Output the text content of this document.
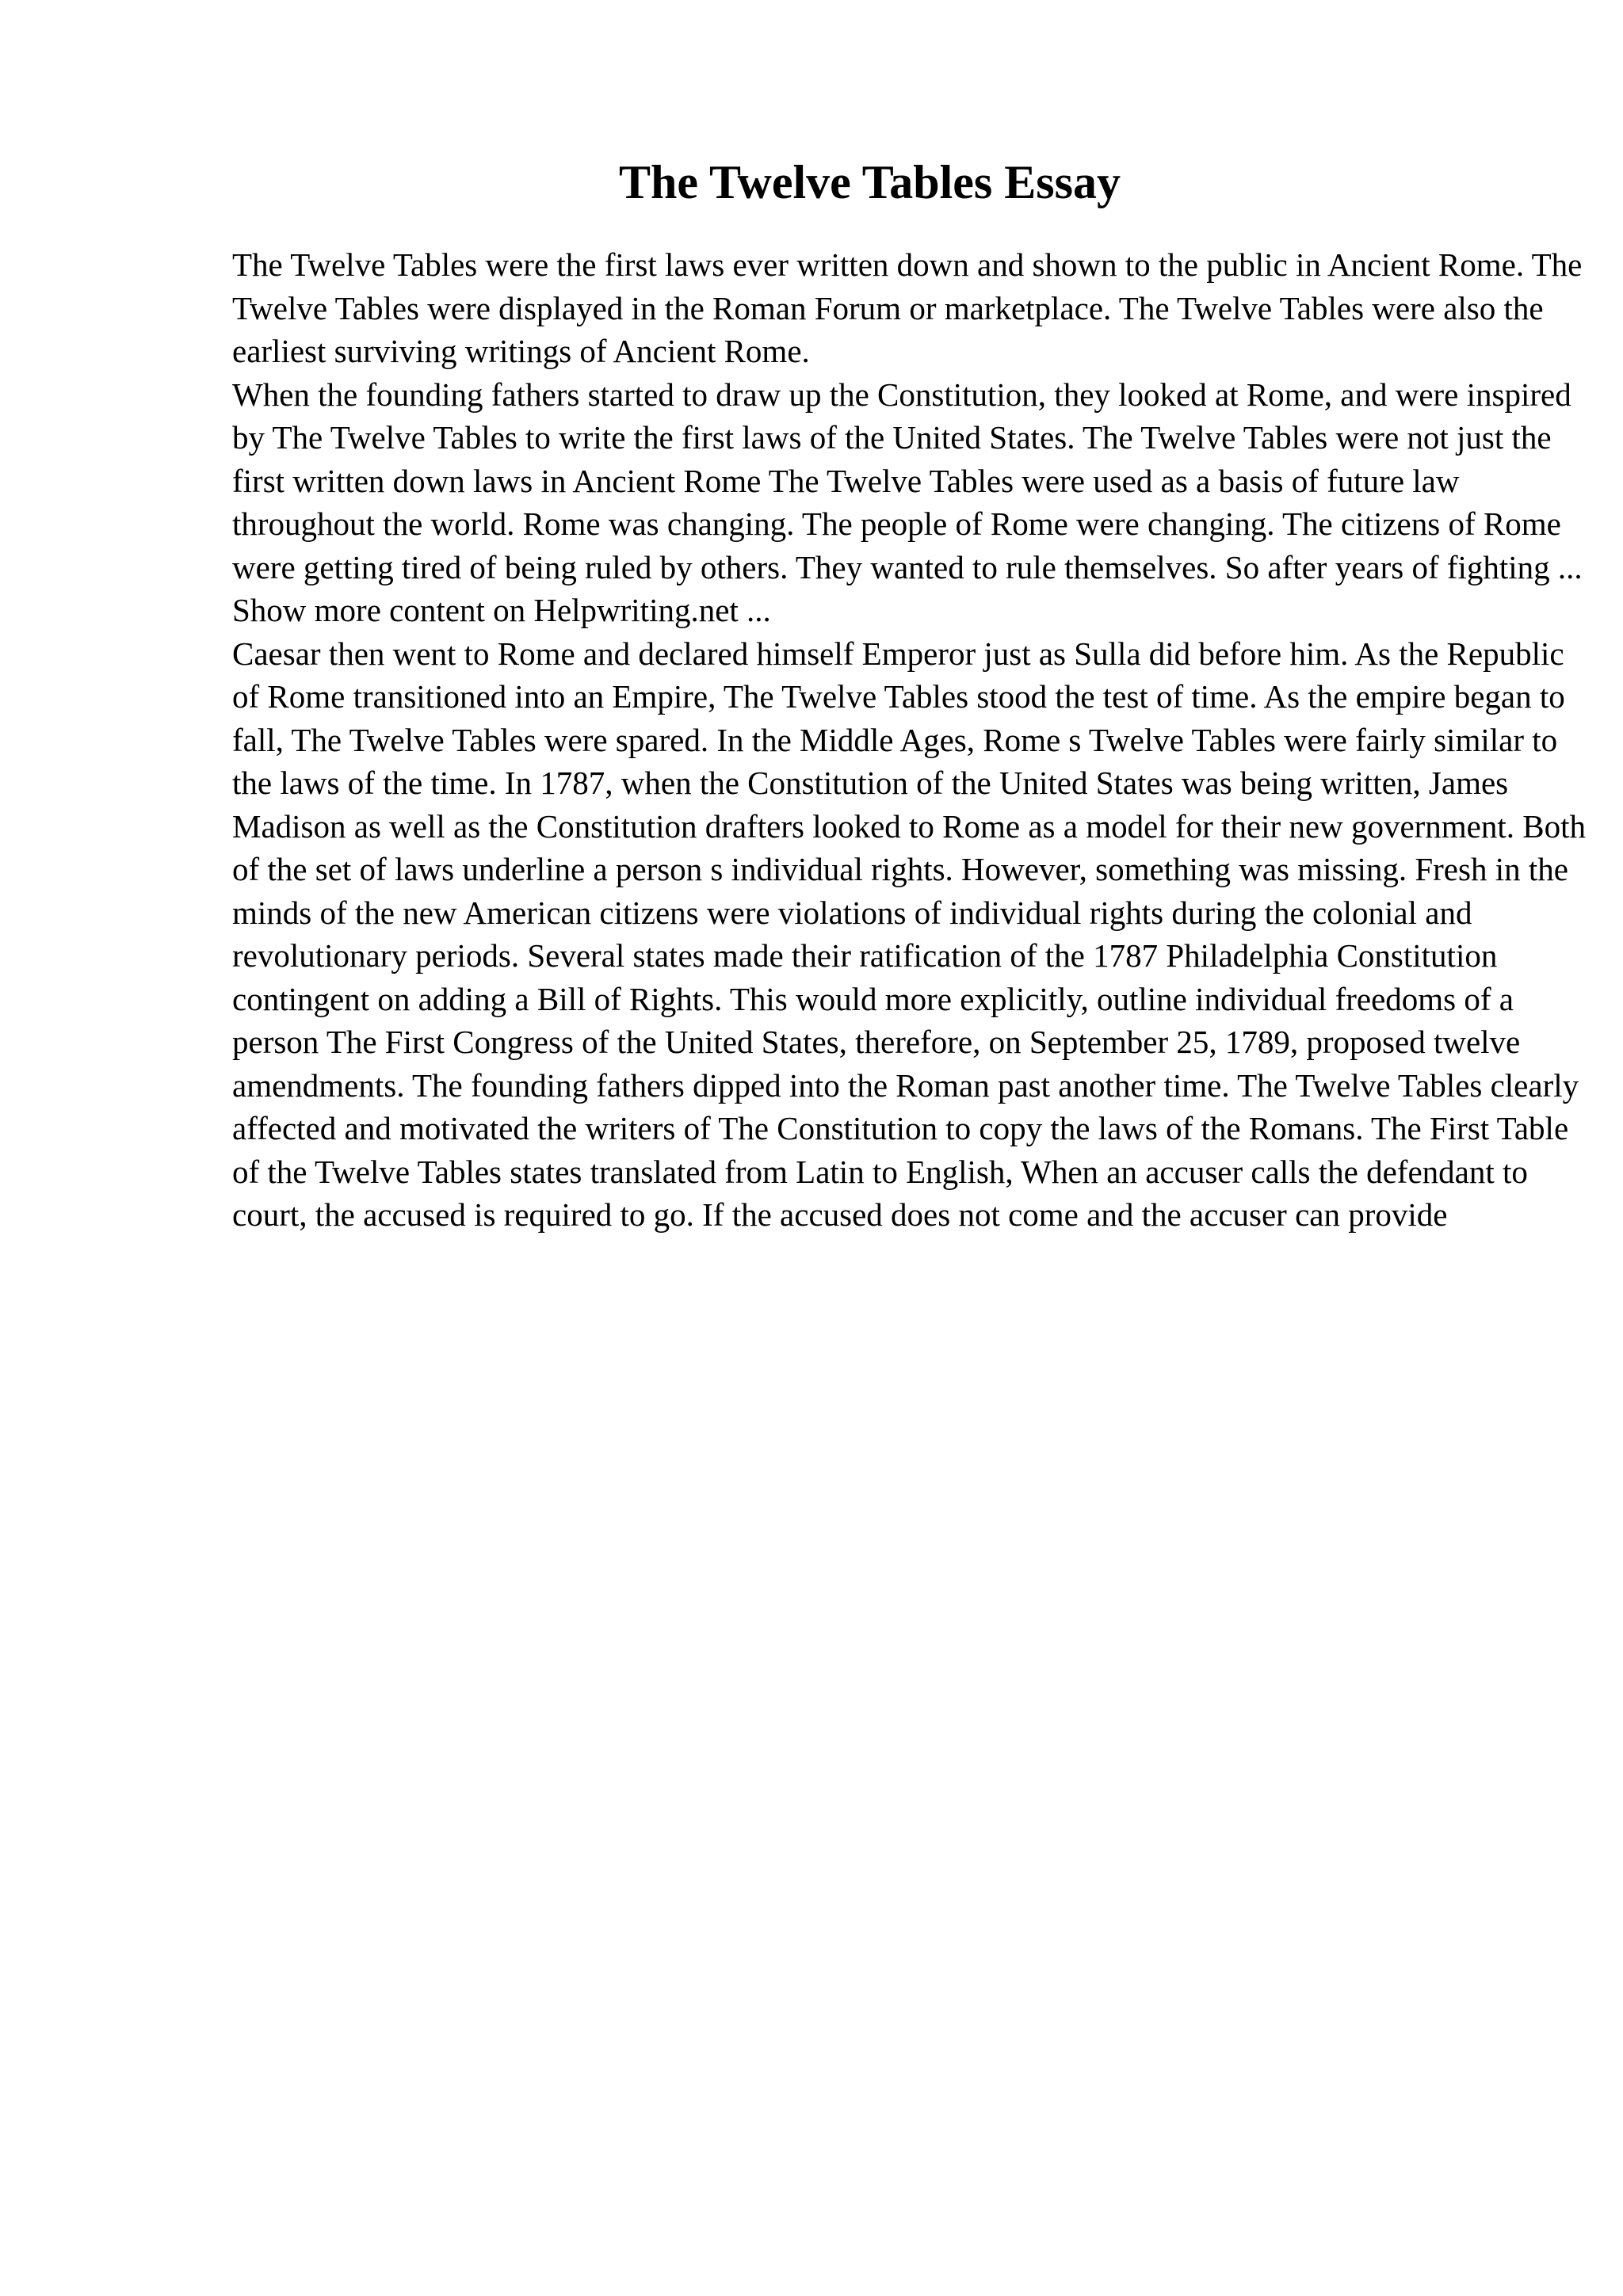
The Twelve Tables Essay

The Twelve Tables were the first laws ever written down and shown to the public in Ancient Rome. The Twelve Tables were displayed in the Roman Forum or marketplace. The Twelve Tables were also the earliest surviving writings of Ancient Rome.

When the founding fathers started to draw up the Constitution, they looked at Rome, and were inspired by The Twelve Tables to write the first laws of the United States. The Twelve Tables were not just the first written down laws in Ancient Rome The Twelve Tables were used as a basis of future law throughout the world. Rome was changing. The people of Rome were changing. The citizens of Rome were getting tired of being ruled by others. They wanted to rule themselves. So after years of fighting ... Show more content on Helpwriting.net ...

Caesar then went to Rome and declared himself Emperor just as Sulla did before him. As the Republic of Rome transitioned into an Empire, The Twelve Tables stood the test of time. As the empire began to fall, The Twelve Tables were spared. In the Middle Ages, Rome s Twelve Tables were fairly similar to the laws of the time. In 1787, when the Constitution of the United States was being written, James Madison as well as the Constitution drafters looked to Rome as a model for their new government. Both of the set of laws underline a person s individual rights. However, something was missing. Fresh in the minds of the new American citizens were violations of individual rights during the colonial and revolutionary periods. Several states made their ratification of the 1787 Philadelphia Constitution contingent on adding a Bill of Rights. This would more explicitly, outline individual freedoms of a person The First Congress of the United States, therefore, on September 25, 1789, proposed twelve amendments. The founding fathers dipped into the Roman past another time. The Twelve Tables clearly affected and motivated the writers of The Constitution to copy the laws of the Romans. The First Table of the Twelve Tables states translated from Latin to English, When an accuser calls the defendant to court, the accused is required to go. If the accused does not come and the accuser can provide
